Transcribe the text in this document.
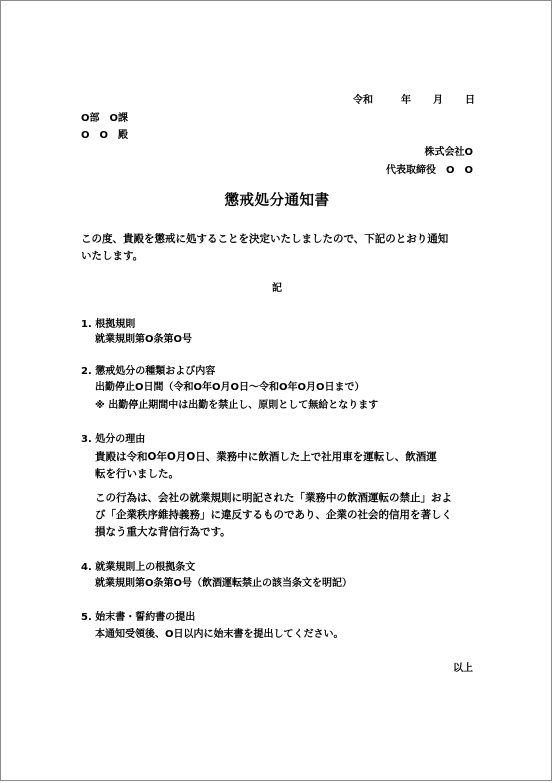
令和	年 月 日
O部　O課
O　O　殿
株式会社O
代表取締役　O　O
懲戒処分通知書
この度、貴殿を懲戒に処することを決定いたしましたので、下記のとおり通知
いたします。
記
1. 根拠規則
就業規則第O条第O号
2. 懲戒処分の種類および内容
出勤停止O日間（令和O年O月O日～令和O年O月O日まで）
※ 出勤停止期間中は出勤を禁止し、原則として無給となります
3. 処分の理由
貴殿は令和O年O月O日、業務中に飲酒した上で社用車を運転し、飲酒運
転を行いました。
この行為は、会社の就業規則に明記された「業務中の飲酒運転の禁止」およ
び「企業秩序維持義務」に違反するものであり、企業の社会的信用を著しく
損なう重大な背信行為です。
4. 就業規則上の根拠条文
就業規則第O条第O号（飲酒運転禁止の該当条文を明記）
5. 始末書・誓約書の提出
本通知受領後、O日以内に始末書を提出してください。
以上
